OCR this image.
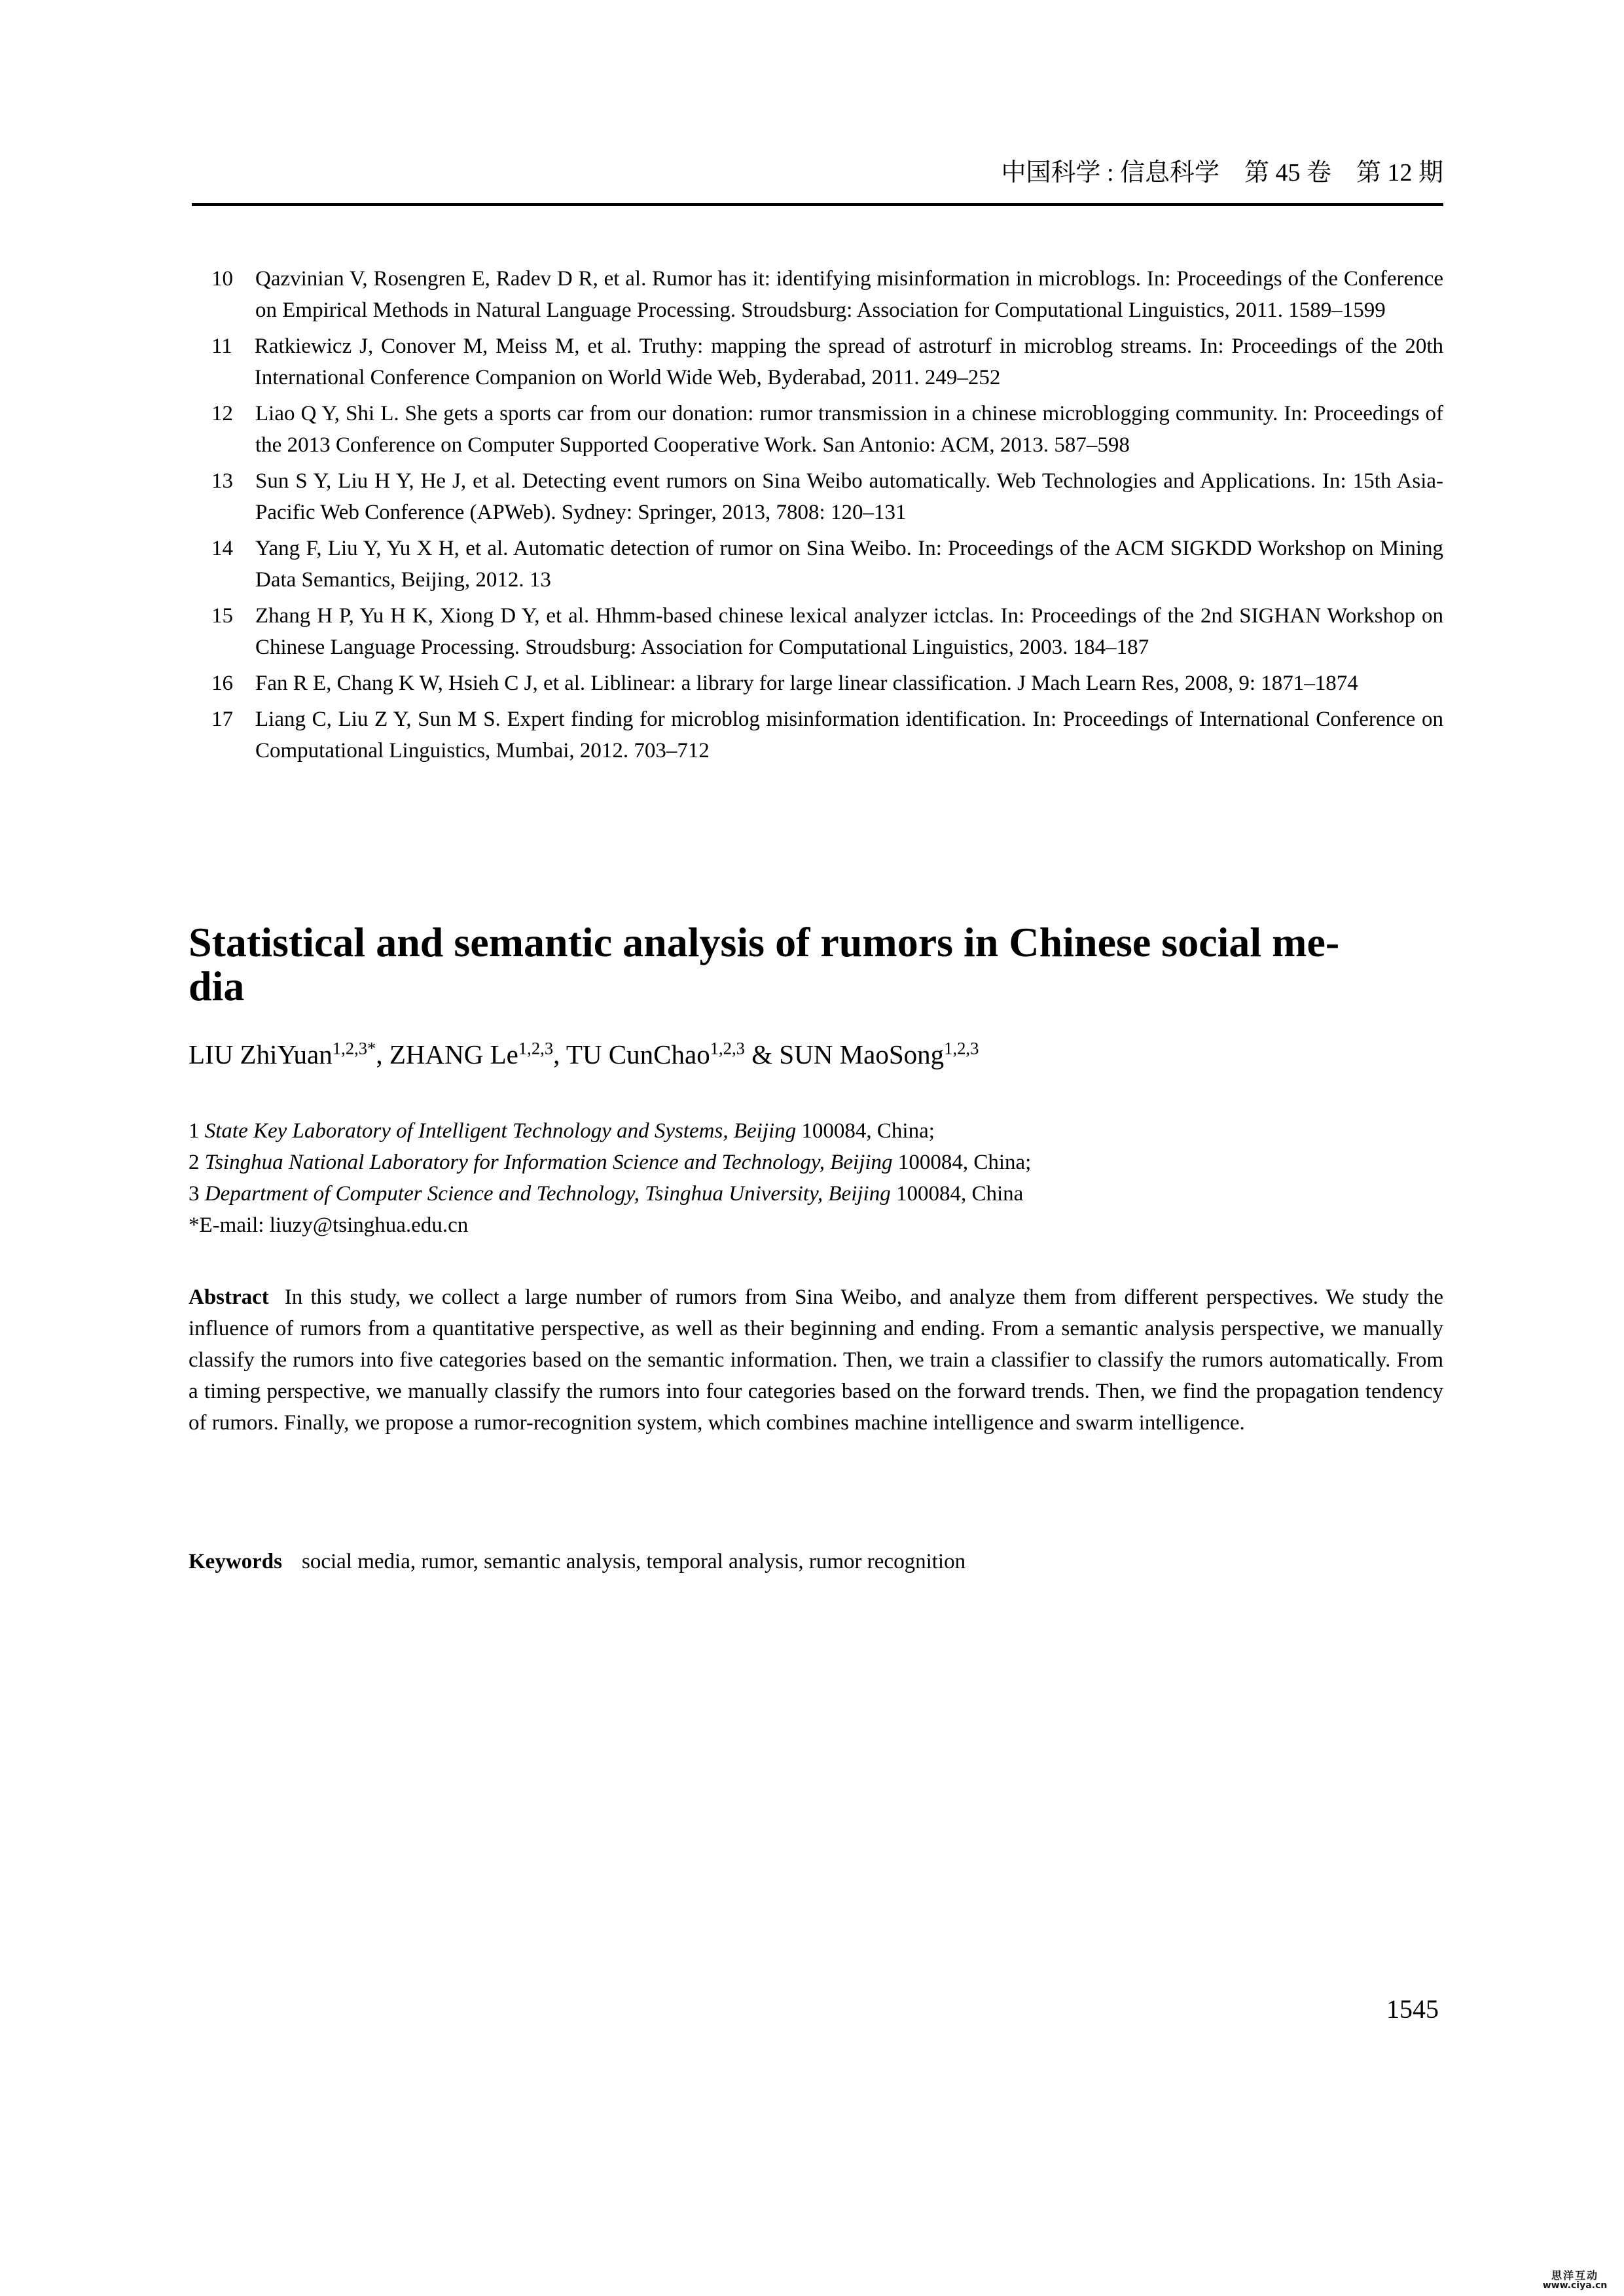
中国科学 : 信息科学 第 45 卷 第 12 期
10 Qazvinian V, Rosengren E, Radev D R, et al. Rumor has it: identifying misinformation in microblogs. In: Proceedings of the Conference on Empirical Methods in Natural Language Processing. Stroudsburg: Association for Computational Linguistics, 2011. 1589–1599
11 Ratkiewicz J, Conover M, Meiss M, et al. Truthy: mapping the spread of astroturf in microblog streams. In: Proceedings of the 20th International Conference Companion on World Wide Web, Byderabad, 2011. 249–252
12 Liao Q Y, Shi L. She gets a sports car from our donation: rumor transmission in a chinese microblogging community. In: Proceedings of the 2013 Conference on Computer Supported Cooperative Work. San Antonio: ACM, 2013. 587–598
13 Sun S Y, Liu H Y, He J, et al. Detecting event rumors on Sina Weibo automatically. Web Technologies and Applications. In: 15th Asia-Pacific Web Conference (APWeb). Sydney: Springer, 2013, 7808: 120–131
14 Yang F, Liu Y, Yu X H, et al. Automatic detection of rumor on Sina Weibo. In: Proceedings of the ACM SIGKDD Workshop on Mining Data Semantics, Beijing, 2012. 13
15 Zhang H P, Yu H K, Xiong D Y, et al. Hhmm-based chinese lexical analyzer ictclas. In: Proceedings of the 2nd SIGHAN Workshop on Chinese Language Processing. Stroudsburg: Association for Computational Linguistics, 2003. 184–187
16 Fan R E, Chang K W, Hsieh C J, et al. Liblinear: a library for large linear classification. J Mach Learn Res, 2008, 9: 1871–1874
17 Liang C, Liu Z Y, Sun M S. Expert finding for microblog misinformation identification. In: Proceedings of International Conference on Computational Linguistics, Mumbai, 2012. 703–712
Statistical and semantic analysis of rumors in Chinese social me-
dia
LIU ZhiYuan$^{1,2,3*}$, ZHANG Le$^{1,2,3}$, TU CunChao$^{1,2,3}$ & SUN MaoSong$^{1,2,3}$
1 State Key Laboratory of Intelligent Technology and Systems, Beijing 100084, China;
2 Tsinghua National Laboratory for Information Science and Technology, Beijing 100084, China;
3 Department of Computer Science and Technology, Tsinghua University, Beijing 100084, China
*E-mail: liuzy@tsinghua.edu.cn

Abstract In this study, we collect a large number of rumors from Sina Weibo, and analyze them from different perspectives. We study the influence of rumors from a quantitative perspective, as well as their beginning and ending. From a semantic analysis perspective, we manually classify the rumors into five categories based on the semantic information. Then, we train a classifier to classify the rumors automatically. From a timing perspective, we manually classify the rumors into four categories based on the forward trends. Then, we find the propagation tendency of rumors. Finally, we propose a rumor-recognition system, which combines machine intelligence and swarm intelligence.

Keywords social media, rumor, semantic analysis, temporal analysis, rumor recognition

1545
思洋互动
www.ciya.cn
